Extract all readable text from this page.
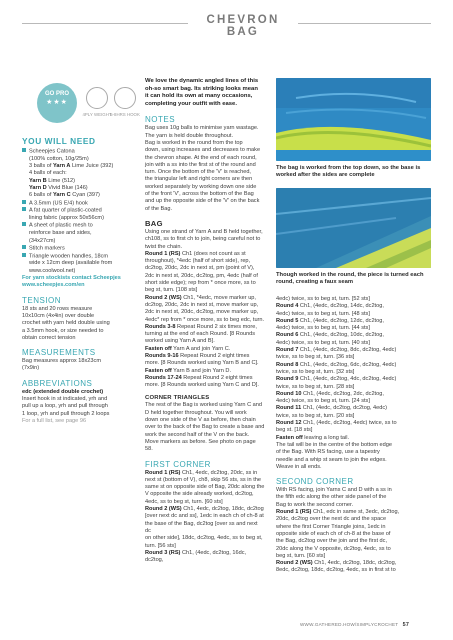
CHEVRON BAG
GO PRO
★★★
4PLY WEIGHT
5-8HRS HOOK
YOU WILL NEED
Scheepjes Catona
(100% cotton, 10g/25m)
3 balls of Yarn A Lime Juice (392)
4 balls of each:
Yarn B Lime (512)
Yarn D Vivid Blue (146)
6 balls of Yarn C Cyan (397)
A 3.5mm (US E/4) hook
A fat quarter of plastic-coated
lining fabric (approx 50x56cm)
A sheet of plastic mesh to
reinforce base and sides,
(34x27cm)
Stitch markers
Triangle wooden handles, 18cm
wide x 12cm deep (available from
www.coolwool.net)
For yarn stockists contact Scheepjes
www.scheepjes.com/en
TENSION
18 sts and 20 rows measure
10x10cm (4x4in) over double
crochet with yarn held double using
a 3.5mm hook, or size needed to
obtain correct tension
MEASUREMENTS
Bag measures approx 18x23cm
(7x9in)
ABBREVIATIONS
edc (extended double crochet)
Insert hook in st indicated, yrh and
pull up a loop, yrh and pull through
1 loop, yrh and pull through 2 loops
For a full list, see page 96
We love the dynamic angled lines of this
oh-so smart bag. Its striking looks mean
it can hold its own at many occasions,
completing your outfit with ease.
NOTES
Bag uses 10g balls to minimise yarn wastage.
The yarn is held double throughout.
Bag is worked in the round from the top
down, using increases and decreases to make
the chevron shape. At the end of each round,
join with a ss into the first st of the round and
turn. Once the bottom of the 'V' is reached,
the triangular left and right corners are then
worked separately by working down one side
of the front 'V', across the bottom of the Bag
and up the opposite side of the 'V' on the back
of the Bag.
BAG
Using one strand of Yarn A and B held together,
ch108, ss to first ch to join, being careful not to
twist the chain.
Round 1 (RS) Ch1 (does not count as st
throughout), *4edc (half of short side), rep,
dc2tog, 20dc, 2dc in next st, pm (point of V),
2dc in next st, 20dc, dc2tog, pm, 4edc (half of
short side edge); rep from * once more, ss to
beg st, turn. [108 sts]
Round 2 (WS) Ch1, *4edc, move marker up,
dc2tog, 20dc, 2dc in next st, move marker up,
2dc in next st, 20dc, dc2tog, move marker up,
4edc* rep from * once more, ss to beg edc, turn.
Rounds 3-8 Repeat Round 2 six times more,
turning at the end of each Round. [8 Rounds
worked using Yarn A and B].
Fasten off Yarn A and join Yarn C.
Rounds 9-16 Repeat Round 2 eight times
more. [8 Rounds worked using Yarn B and C].
Fasten off Yarn B and join Yarn D.
Rounds 17-24 Repeat Round 2 eight times
more. [8 Rounds worked using Yarn C and D].
CORNER TRIANGLES
The rest of the Bag is worked using Yarn C and
D held together throughout. You will work
down one side of the V as before, then chain
over to the back of the Bag to create a base and
work the second half of the V on the back.
Move markers as before. See photo on page 58.
FIRST CORNER
Round 1 (RS) Ch1, 4edc, dc2tog, 20dc, ss in
next st (bottom of V), ch8, skip 56 sts, ss in the
same st on opposite side of Bag, 20dc along the
V opposite the side already worked, dc2tog,
4edc, ss to beg st, turn. [60 sts]
Round 2 (WS) Ch1, 4edc, dc2tog, 18dc, dc2tog
[over next dc and ss], 1edc in each ch of ch-8 at
the base of the Bag, dc2tog [over ss and next dc
on other side], 18dc, dc2tog, 4edc, ss to beg st,
turn. [56 sts]
Round 3 (RS) Ch1, (4edc, dc2tog, 16dc, dc2tog,
The bag is worked from the top down, so the base is worked after the sides are complete
Though worked in the round, the piece is turned each round, creating a faux seam
4edc) twice, ss to beg st, turn. [52 sts]
Round 4 Ch1, (4edc, dc2tog, 14dc, dc2tog,
4edc) twice, ss to beg st, turn. [48 sts]
Round 5 Ch1, (4edc, dc2tog, 12dc, dc2tog,
4edc) twice, ss to beg st, turn. [44 sts]
Round 6 Ch1, (4edc, dc2tog, 10dc, dc2tog,
4edc) twice, ss to beg st, turn. [40 sts]
Round 7 Ch1, (4edc, dc2tog, 8dc, dc2tog, 4edc)
twice, ss to beg st, turn. [36 sts]
Round 8 Ch1, (4edc, dc2tog, 6dc, dc2tog, 4edc)
twice, ss to beg st, turn. [32 sts]
Round 9 Ch1, (4edc, dc2tog, 4dc, dc2tog, 4edc)
twice, ss to beg st, turn. [28 sts]
Round 10 Ch1, (4edc, dc2tog, 2dc, dc2tog,
4edc) twice, ss to beg st, turn. [24 sts]
Round 11 Ch1, (4edc, dc2tog, dc2tog, 4edc)
twice, ss to beg st, turn. [20 sts]
Round 12 Ch1, (4edc, dc2tog, 4edc) twice, ss to
beg st. [18 sts]
Fasten off leaving a long tail.
The tail will be in the centre of the bottom edge
of the Bag. With RS facing, use a tapestry
needle and a whip st seam to join the edges.
Weave in all ends.
SECOND CORNER
With RS facing, join Yarns C and D with a ss in
the fifth edc along the other side panel of the
Bag to work the second corner.
Round 1 (RS) Ch1, edc in same st, 3edc, dc2tog,
20dc, dc2tog over the next dc and the space
where the first Corner Triangle joins, 1edc in
opposite side of each ch of ch-8 at the base of
the Bag, dc2tog over the join and the first dc,
20dc along the V opposite, dc2tog, 4edc, ss to
beg st, turn. [60 sts]
Round 2 (WS) Ch1, 4edc, dc2tog, 18dc, dc2tog,
8edc, dc2tog, 18dc, dc2tog, 4edc, ss in first st to
WWW.GATHERED.HOW/SIMPLYCROCHET 57
